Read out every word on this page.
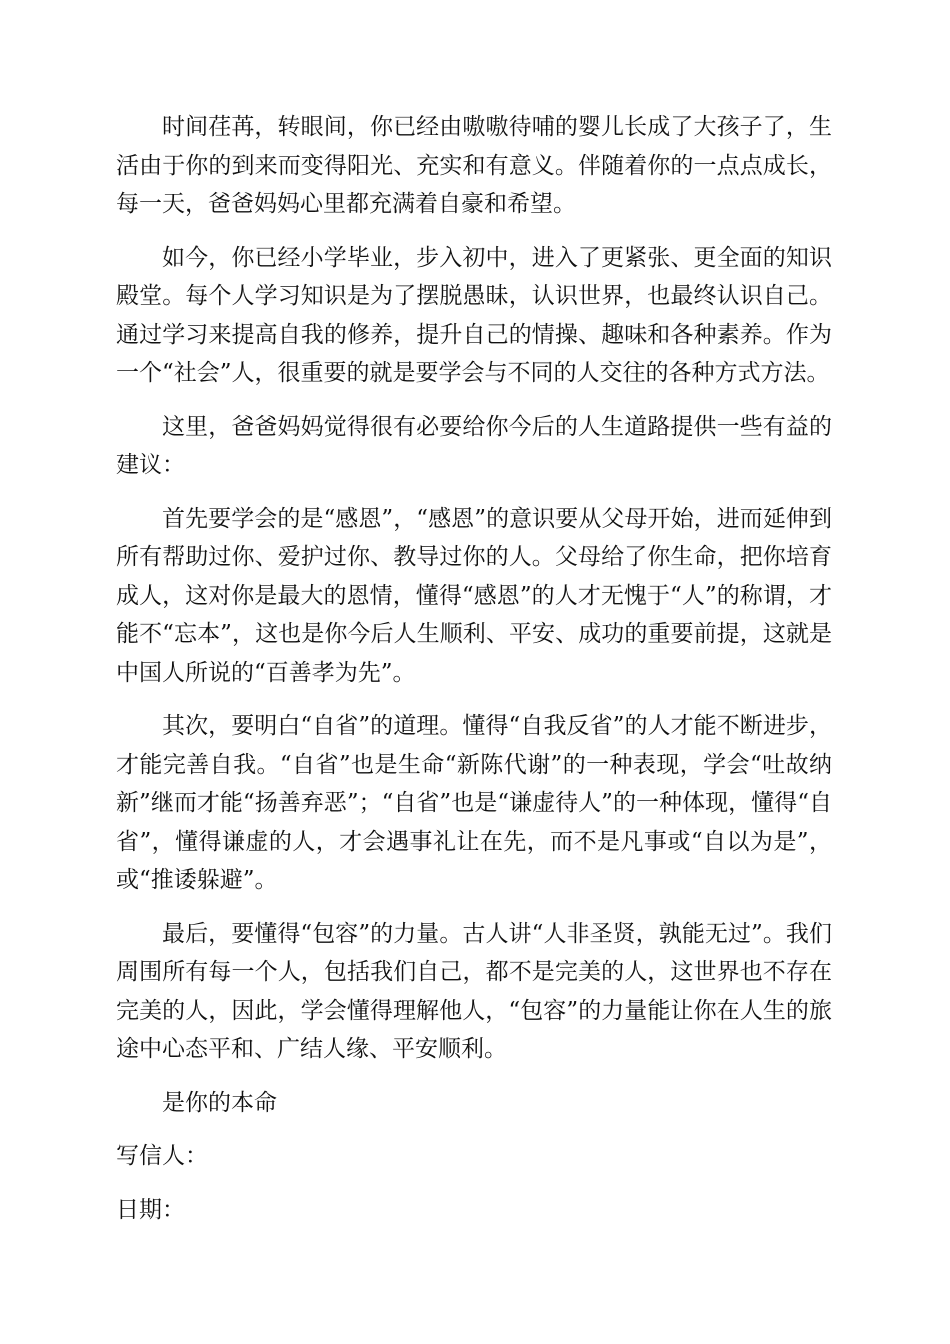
时间荏苒，转眼间，你已经由嗷嗷待哺的婴儿长成了大孩子了，生活由于你的到来而变得阳光、充实和有意义。伴随着你的一点点成长，每一天，爸爸妈妈心里都充满着自豪和希望。

如今，你已经小学毕业，步入初中，进入了更紧张、更全面的知识殿堂。每个人学习知识是为了摆脱愚昧，认识世界，也最终认识自己。通过学习来提高自我的修养，提升自己的情操、趣味和各种素养。作为一个“社会”人，很重要的就是要学会与不同的人交往的各种方式方法。

这里，爸爸妈妈觉得很有必要给你今后的人生道路提供一些有益的建议：

首先要学会的是“感恩”，“感恩”的意识要从父母开始，进而延伸到所有帮助过你、爱护过你、教导过你的人。父母给了你生命，把你培育成人，这对你是最大的恩情，懂得“感恩”的人才无愧于“人”的称谓，才能不“忘本”，这也是你今后人生顺利、平安、成功的重要前提，这就是中国人所说的“百善孝为先”。

其次，要明白“自省”的道理。懂得“自我反省”的人才能不断进步，才能完善自我。“自省”也是生命“新陈代谢”的一种表现，学会“吐故纳新”继而才能“扬善弃恶”；“自省”也是“谦虚待人”的一种体现，懂得“自省”，懂得谦虚的人，才会遇事礼让在先，而不是凡事或“自以为是”，或“推诿躲避”。

最后，要懂得“包容”的力量。古人讲“人非圣贤，孰能无过”。我们周围所有每一个人，包括我们自己，都不是完美的人，这世界也不存在完美的人，因此，学会懂得理解他人，“包容”的力量能让你在人生的旅途中心态平和、广结人缘、平安顺利。

是你的本命

写信人：

日期：
